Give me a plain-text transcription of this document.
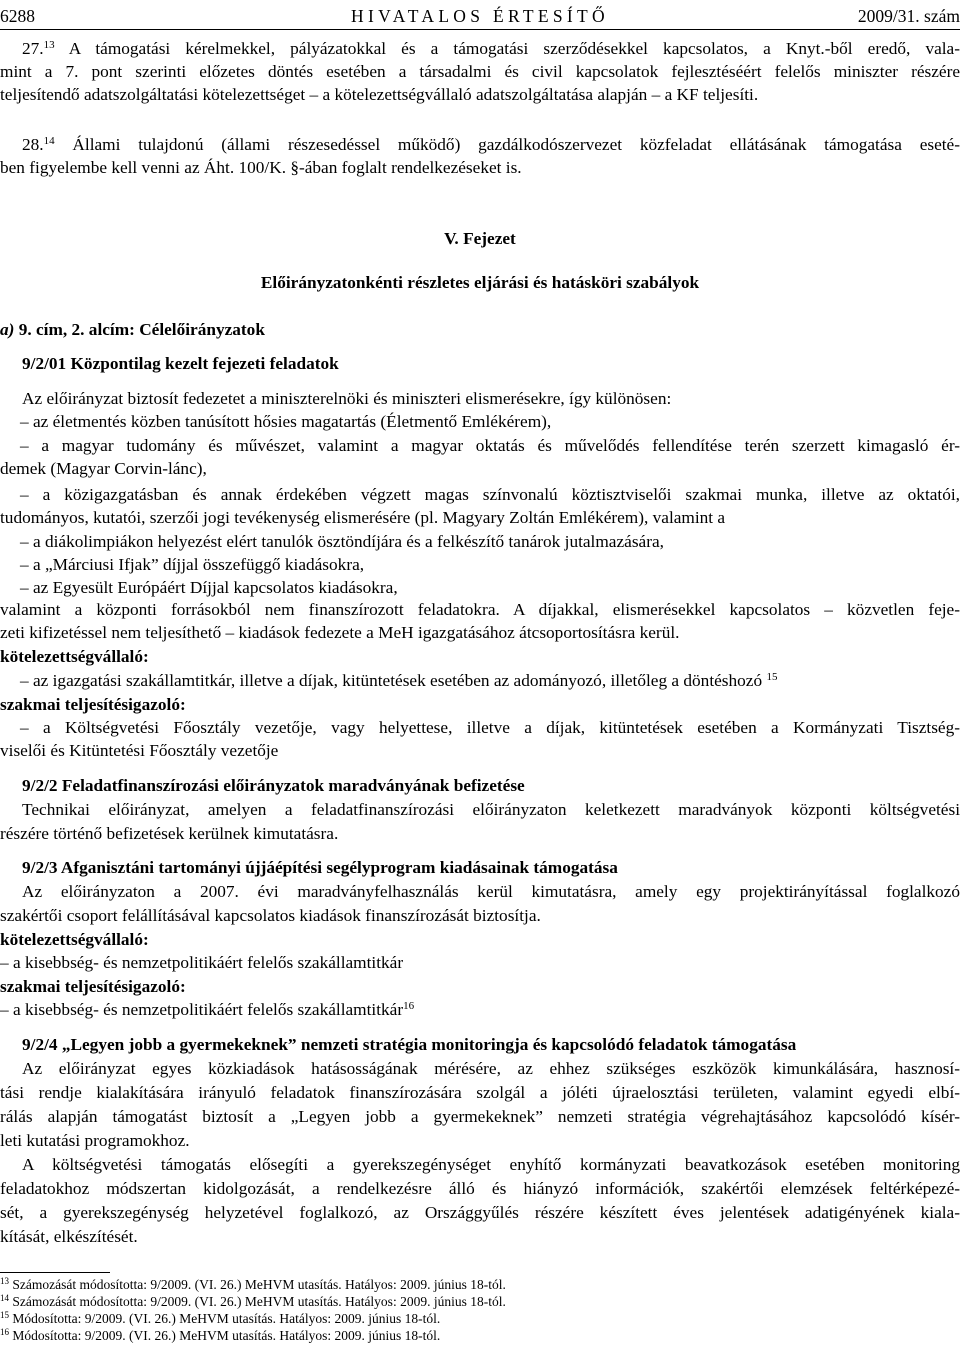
6288	HIVATALOS ÉRTESÍTŐ	2009/31. szám
27.13 A támogatási kérelmekkel, pályázatokkal és a támogatási szerződésekkel kapcsolatos, a Knyt.-ből eredő, vala-
mint a 7. pont szerinti előzetes döntés esetében a társadalmi és civil kapcsolatok fejlesztéséért felelős miniszter részére
teljesítendő adatszolgáltatási kötelezettséget – a kötelezettségvállaló adatszolgáltatása alapján – a KF teljesíti.
28.14 Állami tulajdonú (állami részesedéssel működő) gazdálkodószervezet közfeladat ellátásának támogatása eseté-
ben figyelembe kell venni az Áht. 100/K. §-ában foglalt rendelkezéseket is.
V. Fejezet
Előirányzatonkénti részletes eljárási és hatásköri szabályok
a) 9. cím, 2. alcím: Célelőirányzatok
9/2/01 Központilag kezelt fejezeti feladatok
Az előirányzat biztosít fedezetet a miniszterelnöki és miniszteri elismerésekre, így különösen:
– az életmentés közben tanúsított hősies magatartás (Életmentő Emlékérem),
– a magyar tudomány és művészet, valamint a magyar oktatás és művelődés fellendítése terén szerzett kimagasló ér-
demek (Magyar Corvin-lánc),
– a közigazgatásban és annak érdekében végzett magas színvonalú köztisztviselői szakmai munka, illetve az oktatói,
tudományos, kutatói, szerzői jogi tevékenység elismerésére (pl. Magyary Zoltán Emlékérem), valamint a
– a diákolimpiákon helyezést elért tanulók ösztöndíjára és a felkészítő tanárok jutalmazására,
– a „Márciusi Ifjak” díjjal összefüggő kiadásokra,
– az Egyesült Európáért Díjjal kapcsolatos kiadásokra,
valamint a központi forrásokból nem finanszírozott feladatokra. A díjakkal, elismerésekkel kapcsolatos – közvetlen feje-
zeti kifizetéssel nem teljesíthető – kiadások fedezete a MeH igazgatásához átcsoportosításra kerül.
kötelezettségvállaló:
– az igazgatási szakállamtitkár, illetve a díjak, kitüntetések esetében az adományozó, illetőleg a döntéshozó $^{15}$
szakmai teljesítésigazoló:
– a Költségvetési Főosztály vezetője, vagy helyettese, illetve a díjak, kitüntetések esetében a Kormányzati Tisztség-
viselői és Kitüntetési Főosztály vezetője
9/2/2 Feladatfinanszírozási előirányzatok maradványának befizetése
Technikai előirányzat, amelyen a feladatfinanszírozási előirányzaton keletkezett maradványok központi költségvetési
részére történő befizetések kerülnek kimutatásra.
9/2/3 Afganisztáni tartományi újjáépítési segélyprogram kiadásainak támogatása
Az előirányzaton a 2007. évi maradványfelhasználás kerül kimutatásra, amely egy projektirányítással foglalkozó
szakértői csoport felállításával kapcsolatos kiadások finanszírozását biztosítja.
kötelezettségvállaló:
– a kisebbség- és nemzetpolitikáért felelős szakállamtitkár
szakmai teljesítésigazoló:
– a kisebbség- és nemzetpolitikáért felelős szakállamtitkár$^{16}$
9/2/4 „Legyen jobb a gyermekeknek” nemzeti stratégia monitoringja és kapcsolódó feladatok támogatása
Az előirányzat egyes közkiadások hatásosságának mérésére, az ehhez szükséges eszközök kimunkálására, hasznosí-
tási rendje kialakítására irányuló feladatok finanszírozására szolgál a jóléti újraelosztási területen, valamint egyedi elbí-
rálás alapján támogatást biztosít a „Legyen jobb a gyermekeknek” nemzeti stratégia végrehajtásához kapcsolódó kísér-
leti kutatási programokhoz.
A költségvetési támogatás elősegíti a gyerekszegénységet enyhítő kormányzati beavatkozások esetében monitoring
feladatokhoz módszertan kidolgozását, a rendelkezésre álló és hiányzó információk, szakértői elemzések feltérképezé-
sét, a gyerekszegénység helyzetével foglalkozó, az Országgyűlés részére készített éves jelentések adatigényének kiala-
kítását, elkészítését.
$^{13}$ Számozását módosította: 9/2009. (VI. 26.) MeHVM utasítás. Hatályos: 2009. június 18-tól.
$^{14}$ Számozását módosította: 9/2009. (VI. 26.) MeHVM utasítás. Hatályos: 2009. június 18-tól.
$^{15}$ Módosította: 9/2009. (VI. 26.) MeHVM utasítás. Hatályos: 2009. június 18-tól.
$^{16}$ Módosította: 9/2009. (VI. 26.) MeHVM utasítás. Hatályos: 2009. június 18-tól.
